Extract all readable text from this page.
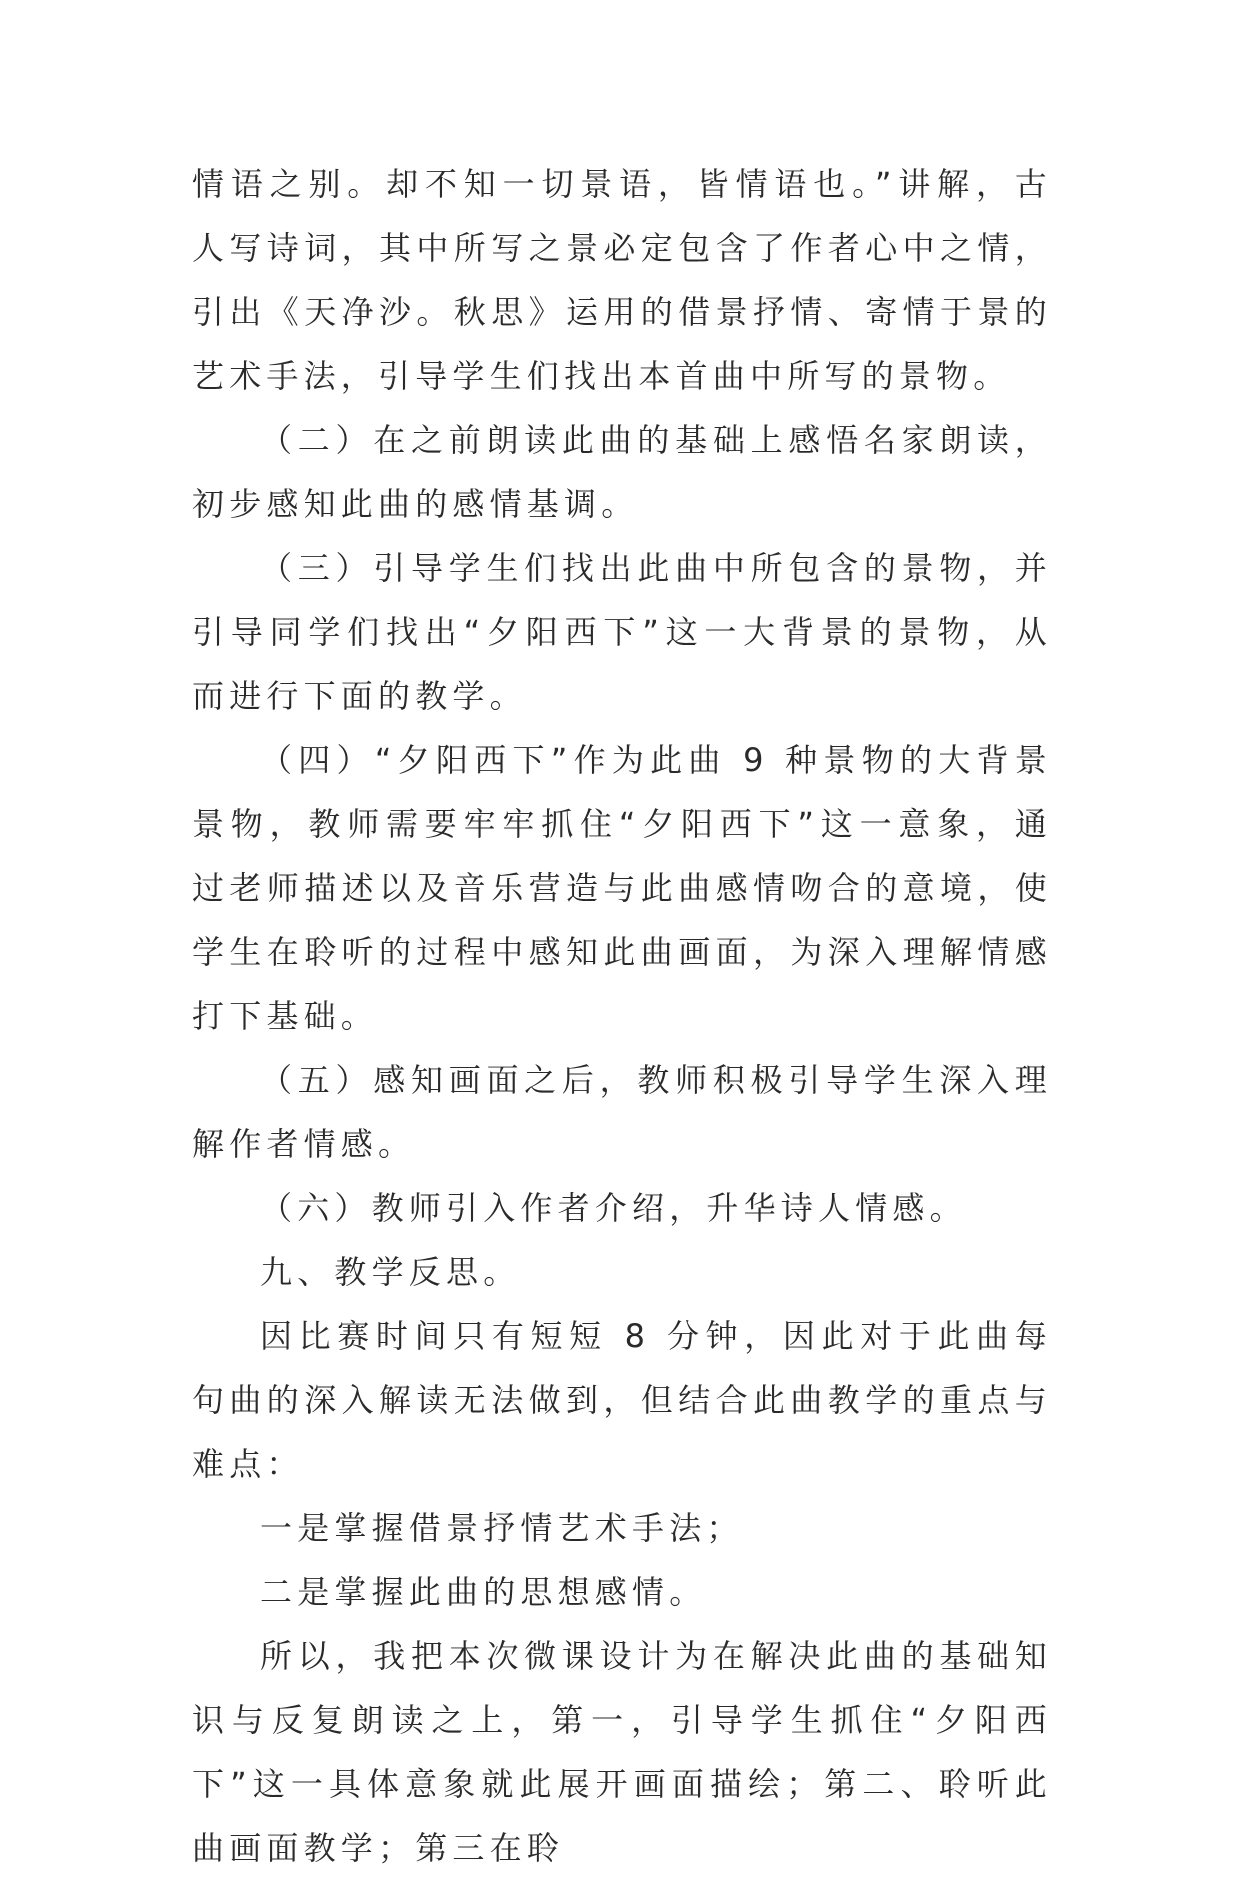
情语之别。却不知一切景语，皆情语也。”讲解，古人写诗词，其中所写之景必定包含了作者心中之情，引出《天净沙。秋思》运用的借景抒情、寄情于景的艺术手法，引导学生们找出本首曲中所写的景物。

（二）在之前朗读此曲的基础上感悟名家朗读，初步感知此曲的感情基调。

（三）引导学生们找出此曲中所包含的景物，并引导同学们找出“夕阳西下”这一大背景的景物，从而进行下面的教学。

（四）“夕阳西下”作为此曲 9 种景物的大背景景物，教师需要牢牢抓住“夕阳西下”这一意象，通过老师描述以及音乐营造与此曲感情吻合的意境，使学生在聆听的过程中感知此曲画面，为深入理解情感打下基础。

（五）感知画面之后，教师积极引导学生深入理解作者情感。

（六）教师引入作者介绍，升华诗人情感。

九、教学反思。

因比赛时间只有短短 8 分钟，因此对于此曲每句曲的深入解读无法做到，但结合此曲教学的重点与难点：

一是掌握借景抒情艺术手法；

二是掌握此曲的思想感情。

所以，我把本次微课设计为在解决此曲的基础知识与反复朗读之上，第一，引导学生抓住“夕阳西下”这一具体意象就此展开画面描绘；第二、聆听此曲画面教学；第三在聆
